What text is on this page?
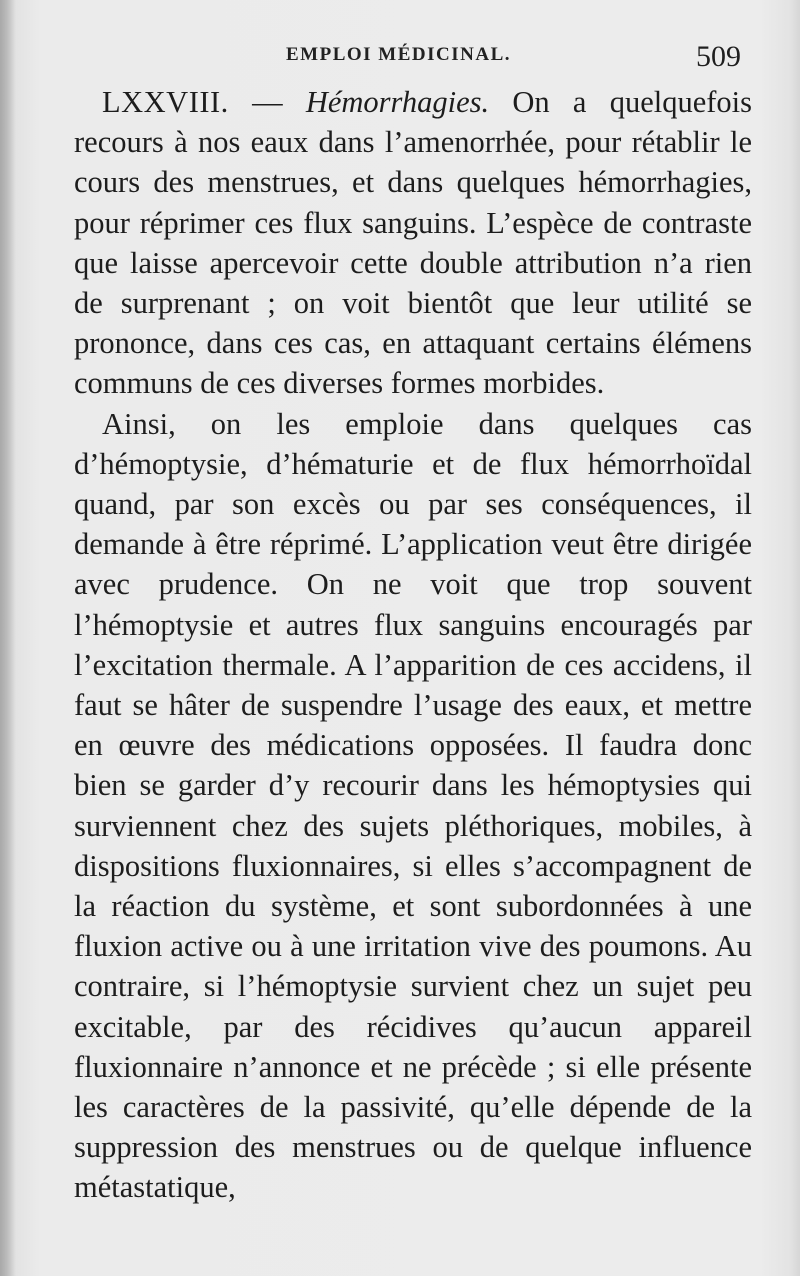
EMPLOI MÉDICINAL.	509

LXXVIII. — Hémorrhagies. On a quelquefois recours à nos eaux dans l’amenorrhée, pour rétablir le cours des menstrues, et dans quelques hémorrhagies, pour réprimer ces flux sanguins. L’espèce de contraste que laisse apercevoir cette double attribution n’a rien de surprenant ; on voit bientôt que leur utilité se prononce, dans ces cas, en attaquant certains élémens communs de ces diverses formes morbides.

Ainsi, on les emploie dans quelques cas d’hémoptysie, d’hématurie et de flux hémorrhoïdal quand, par son excès ou par ses conséquences, il demande à être réprimé. L’application veut être dirigée avec prudence. On ne voit que trop souvent l’hémoptysie et autres flux sanguins encouragés par l’excitation thermale. A l’apparition de ces accidens, il faut se hâter de suspendre l’usage des eaux, et mettre en œuvre des médications opposées. Il faudra donc bien se garder d’y recourir dans les hémoptysies qui surviennent chez des sujets pléthoriques, mobiles, à dispositions fluxionnaires, si elles s’accompagnent de la réaction du système, et sont subordonnées à une fluxion active ou à une irritation vive des poumons. Au contraire, si l’hémoptysie survient chez un sujet peu excitable, par des récidives qu’aucun appareil fluxionnaire n’annonce et ne précède ; si elle présente les caractères de la passivité, qu’elle dépende de la suppression des menstrues ou de quelque influence métastatique,
